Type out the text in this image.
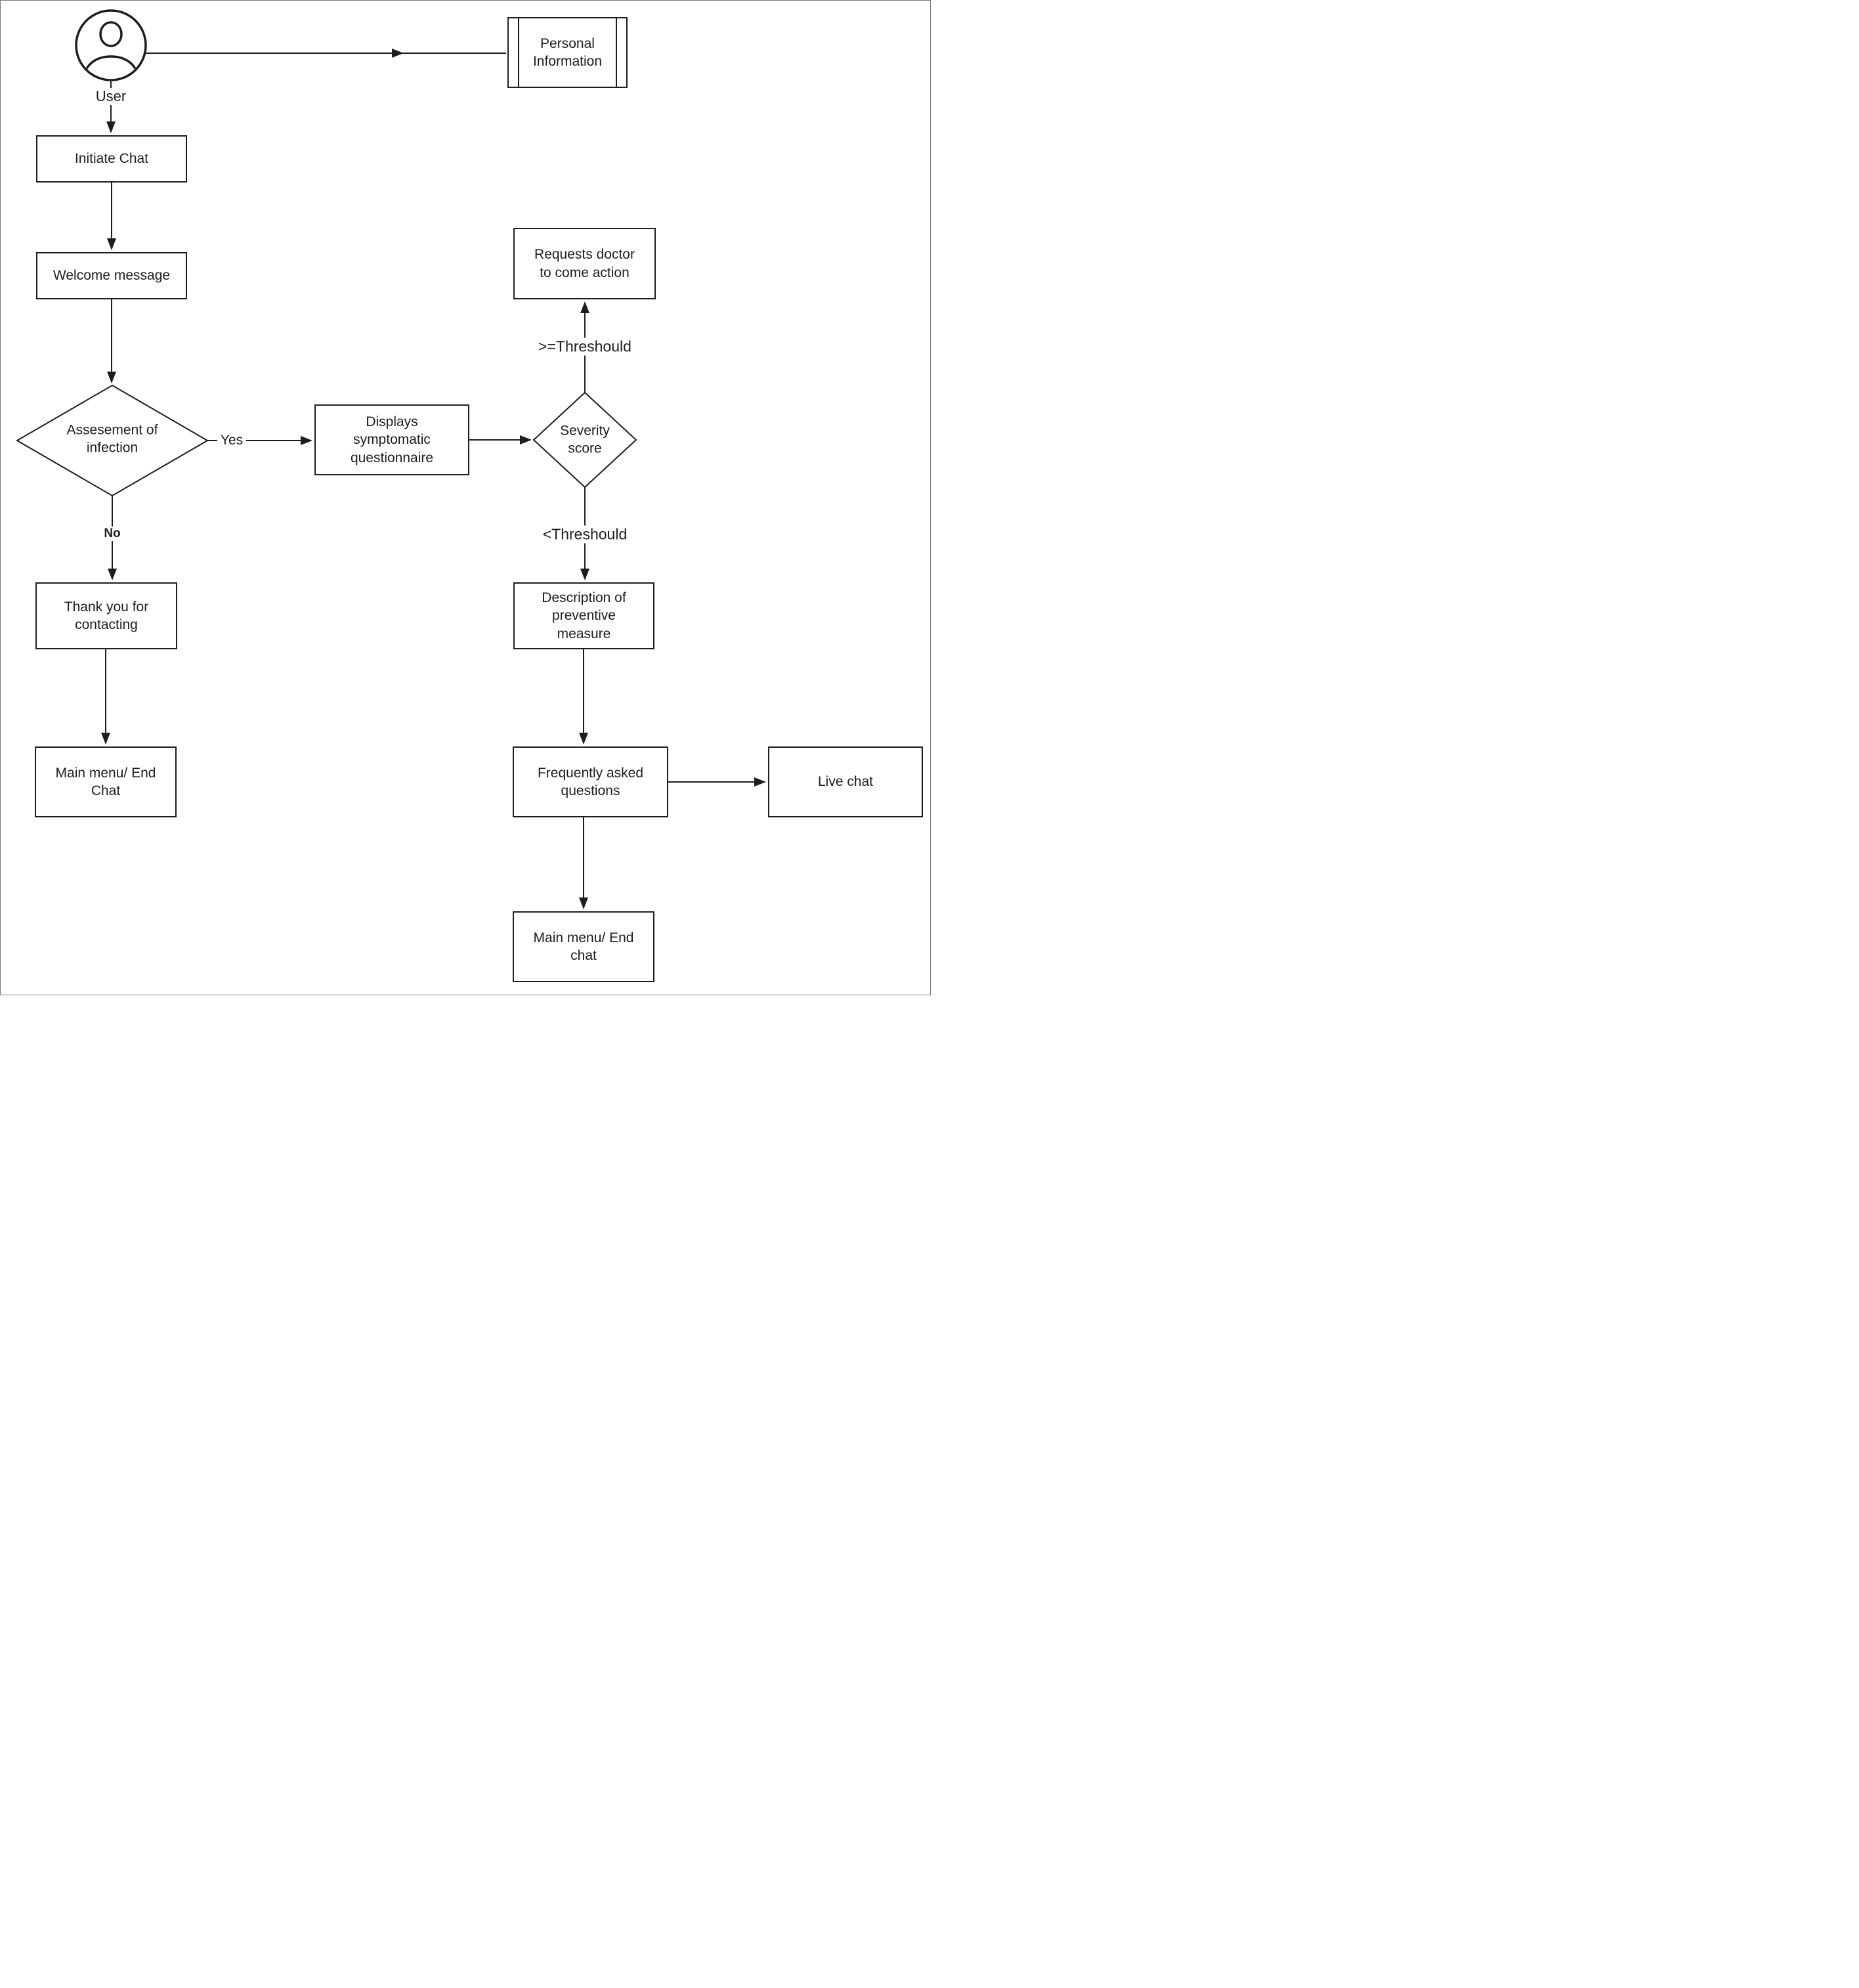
User
Personal Information
Initiate Chat
Welcome message
Assesement of infection
Displays symptomatic questionnaire
Severity score
Requests doctor to come action
Description of preventive measure
Thank you for contacting
Main menu/ End Chat
Frequently asked questions
Live chat
Main menu/ End chat
Yes
No
>=Threshould
<Threshould
